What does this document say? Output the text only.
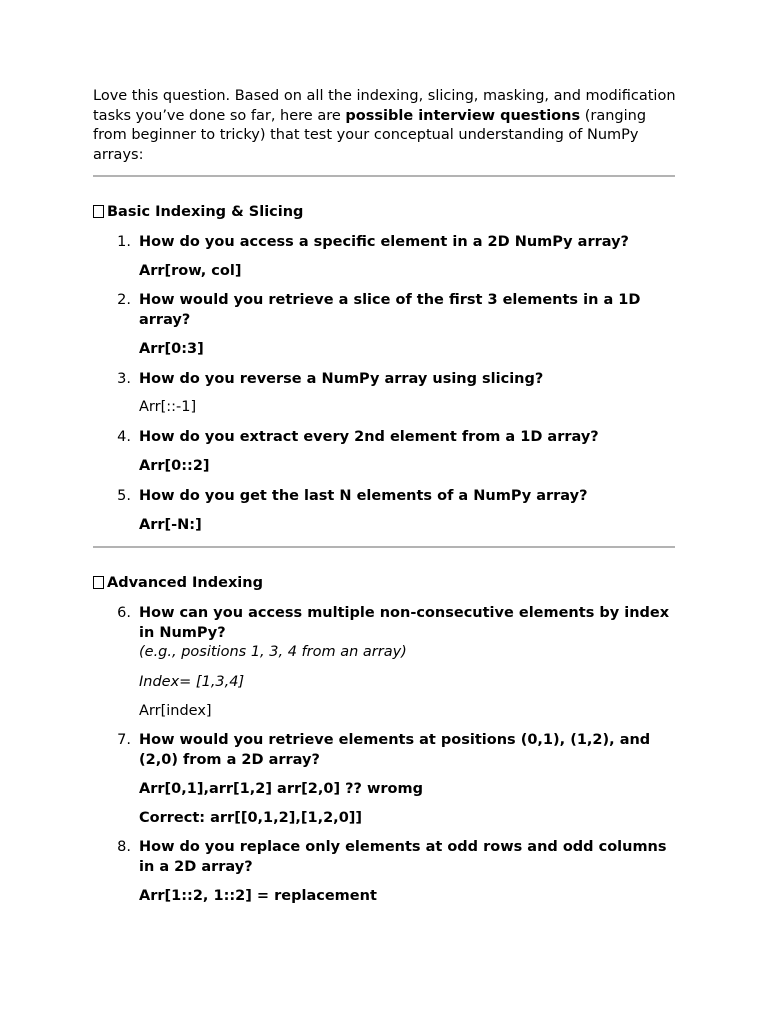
Love this question. Based on all the indexing, slicing, masking, and modification tasks you’ve done so far, here are possible interview questions (ranging from beginner to tricky) that test your conceptual understanding of NumPy arrays:

Basic Indexing & Slicing

1. How do you access a specific element in a 2D NumPy array?
Arr[row, col]
2. How would you retrieve a slice of the first 3 elements in a 1D array?
Arr[0:3]
3. How do you reverse a NumPy array using slicing?
Arr[::-1]
4. How do you extract every 2nd element from a 1D array?
Arr[0::2]
5. How do you get the last N elements of a NumPy array?
Arr[-N:]

Advanced Indexing

6. How can you access multiple non-consecutive elements by index in NumPy?
(e.g., positions 1, 3, 4 from an array)
Index= [1,3,4]
Arr[index]
7. How would you retrieve elements at positions (0,1), (1,2), and (2,0) from a 2D array?
Arr[0,1],arr[1,2] arr[2,0] ?? wromg
Correct: arr[[0,1,2],[1,2,0]]
8. How do you replace only elements at odd rows and odd columns in a 2D array?
Arr[1::2, 1::2] = replacement
